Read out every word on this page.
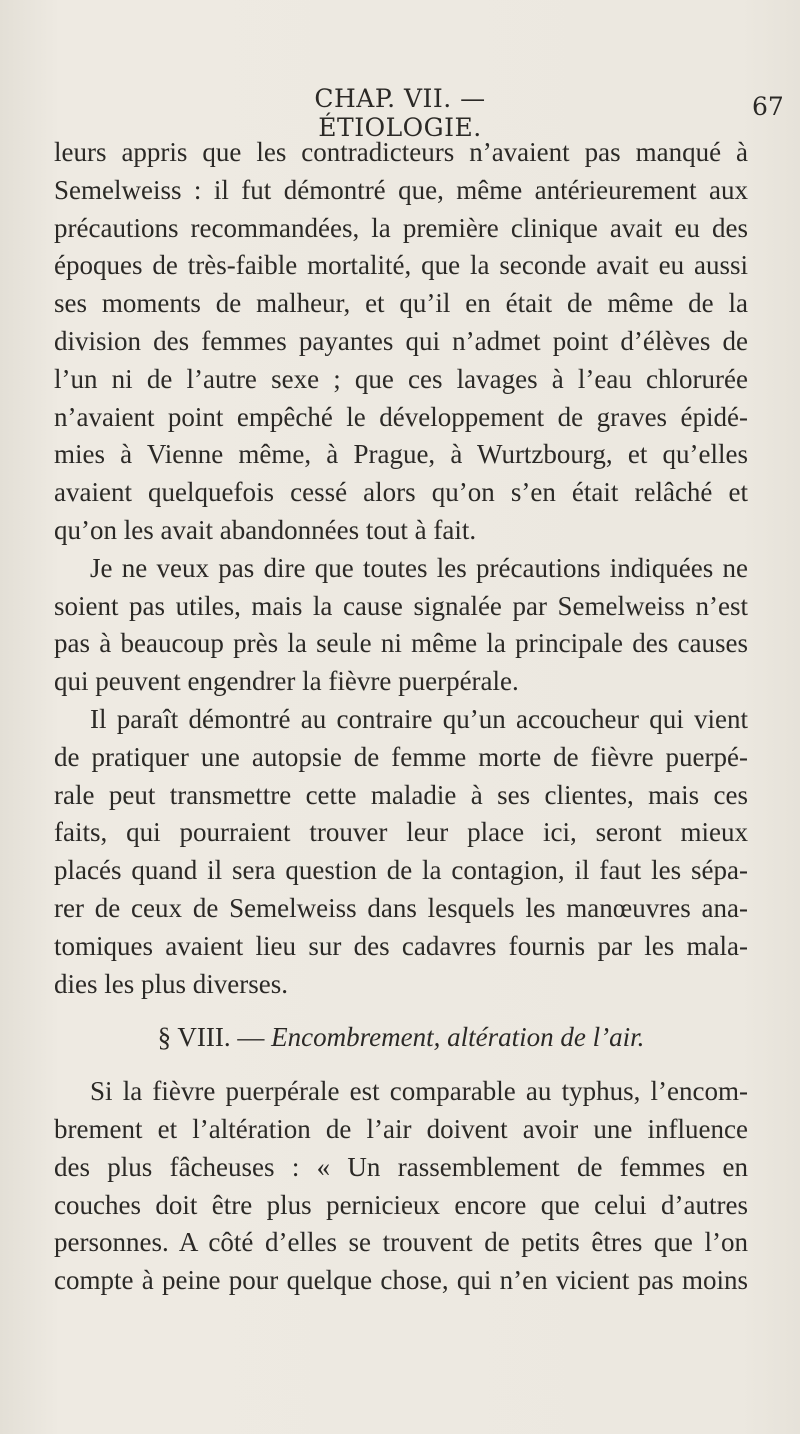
CHAP. VII. — ÉTIOLOGIE.
67
leurs appris que les contradicteurs n’avaient pas manqué à
Semelweiss : il fut démontré que, même antérieurement aux
précautions recommandées, la première clinique avait eu des
époques de très-faible mortalité, que la seconde avait eu aussi
ses moments de malheur, et qu’il en était de même de la
division des femmes payantes qui n’admet point d’élèves de
l’un ni de l’autre sexe ; que ces lavages à l’eau chlorurée
n’avaient point empêché le développement de graves épidé-
mies à Vienne même, à Prague, à Wurtzbourg, et qu’elles
avaient quelquefois cessé alors qu’on s’en était relâché et
qu’on les avait abandonnées tout à fait.
Je ne veux pas dire que toutes les précautions indiquées ne
soient pas utiles, mais la cause signalée par Semelweiss n’est
pas à beaucoup près la seule ni même la principale des causes
qui peuvent engendrer la fièvre puerpérale.
Il paraît démontré au contraire qu’un accoucheur qui vient
de pratiquer une autopsie de femme morte de fièvre puerpé-
rale peut transmettre cette maladie à ses clientes, mais ces
faits, qui pourraient trouver leur place ici, seront mieux
placés quand il sera question de la contagion, il faut les sépa-
rer de ceux de Semelweiss dans lesquels les manœuvres ana-
tomiques avaient lieu sur des cadavres fournis par les mala-
dies les plus diverses.
§ VIII. — Encombrement, altération de l’air.
Si la fièvre puerpérale est comparable au typhus, l’encom-
brement et l’altération de l’air doivent avoir une influence
des plus fâcheuses : « Un rassemblement de femmes en
couches doit être plus pernicieux encore que celui d’autres
personnes. A côté d’elles se trouvent de petits êtres que l’on
compte à peine pour quelque chose, qui n’en vicient pas moins
